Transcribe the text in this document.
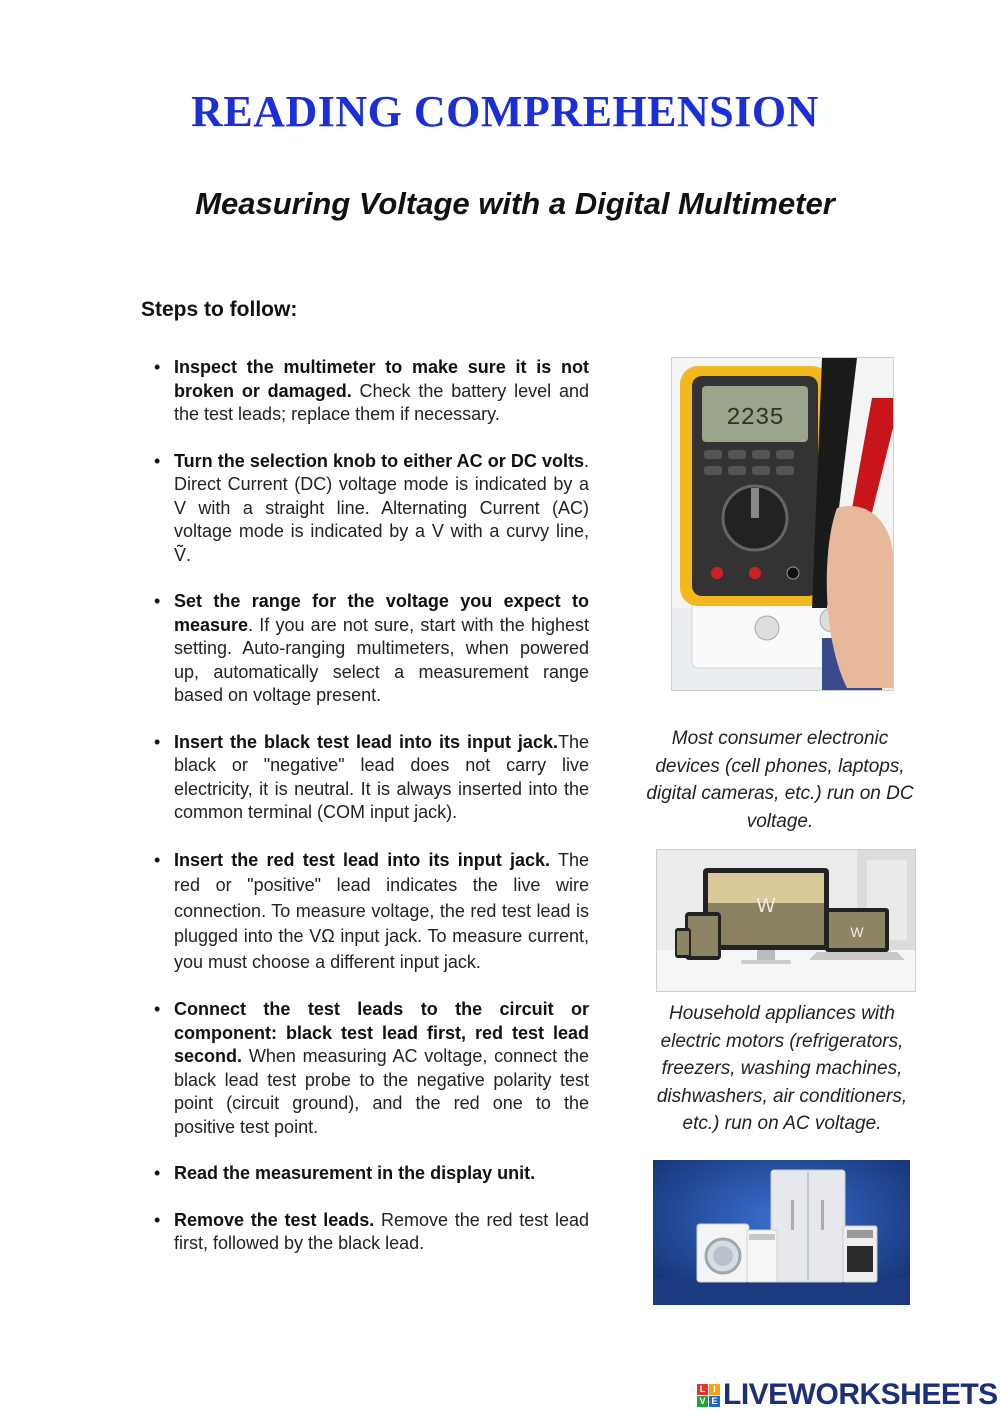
READING COMPREHENSION
Measuring Voltage with a Digital Multimeter
Steps to follow:
• Inspect the multimeter to make sure it is not broken or damaged. Check the battery level and the test leads; replace them if necessary.
• Turn the selection knob to either AC or DC volts. Direct Current (DC) voltage mode is indicated by a V with a straight line. Alternating Current (AC) voltage mode is indicated by a V with a curvy line, Ṽ.
• Set the range for the voltage you expect to measure. If you are not sure, start with the highest setting. Auto-ranging multimeters, when powered up, automatically select a measurement range based on voltage present.
• Insert the black test lead into its input jack.The black or "negative" lead does not carry live electricity, it is neutral. It is always inserted into the common terminal (COM input jack).
• Insert the red test lead into its input jack. The red or "positive" lead indicates the live wire connection. To measure voltage, the red test lead is plugged into the VΩ input jack. To measure current, you must choose a different input jack.
• Connect the test leads to the circuit or component: black test lead first, red test lead second. When measuring AC voltage, connect the black lead test probe to the negative polarity test point (circuit ground), and the red one to the positive test point.
• Read the measurement in the display unit.
• Remove the test leads. Remove the red test lead first, followed by the black lead.
2235
Most consumer electronic devices (cell phones, laptops, digital cameras, etc.) run on DC voltage.
W
W
Household appliances with electric motors (refrigerators, freezers, washing machines, dishwashers, air conditioners, etc.) run on AC voltage.
L I
V E LIVEWORKSHEETS
